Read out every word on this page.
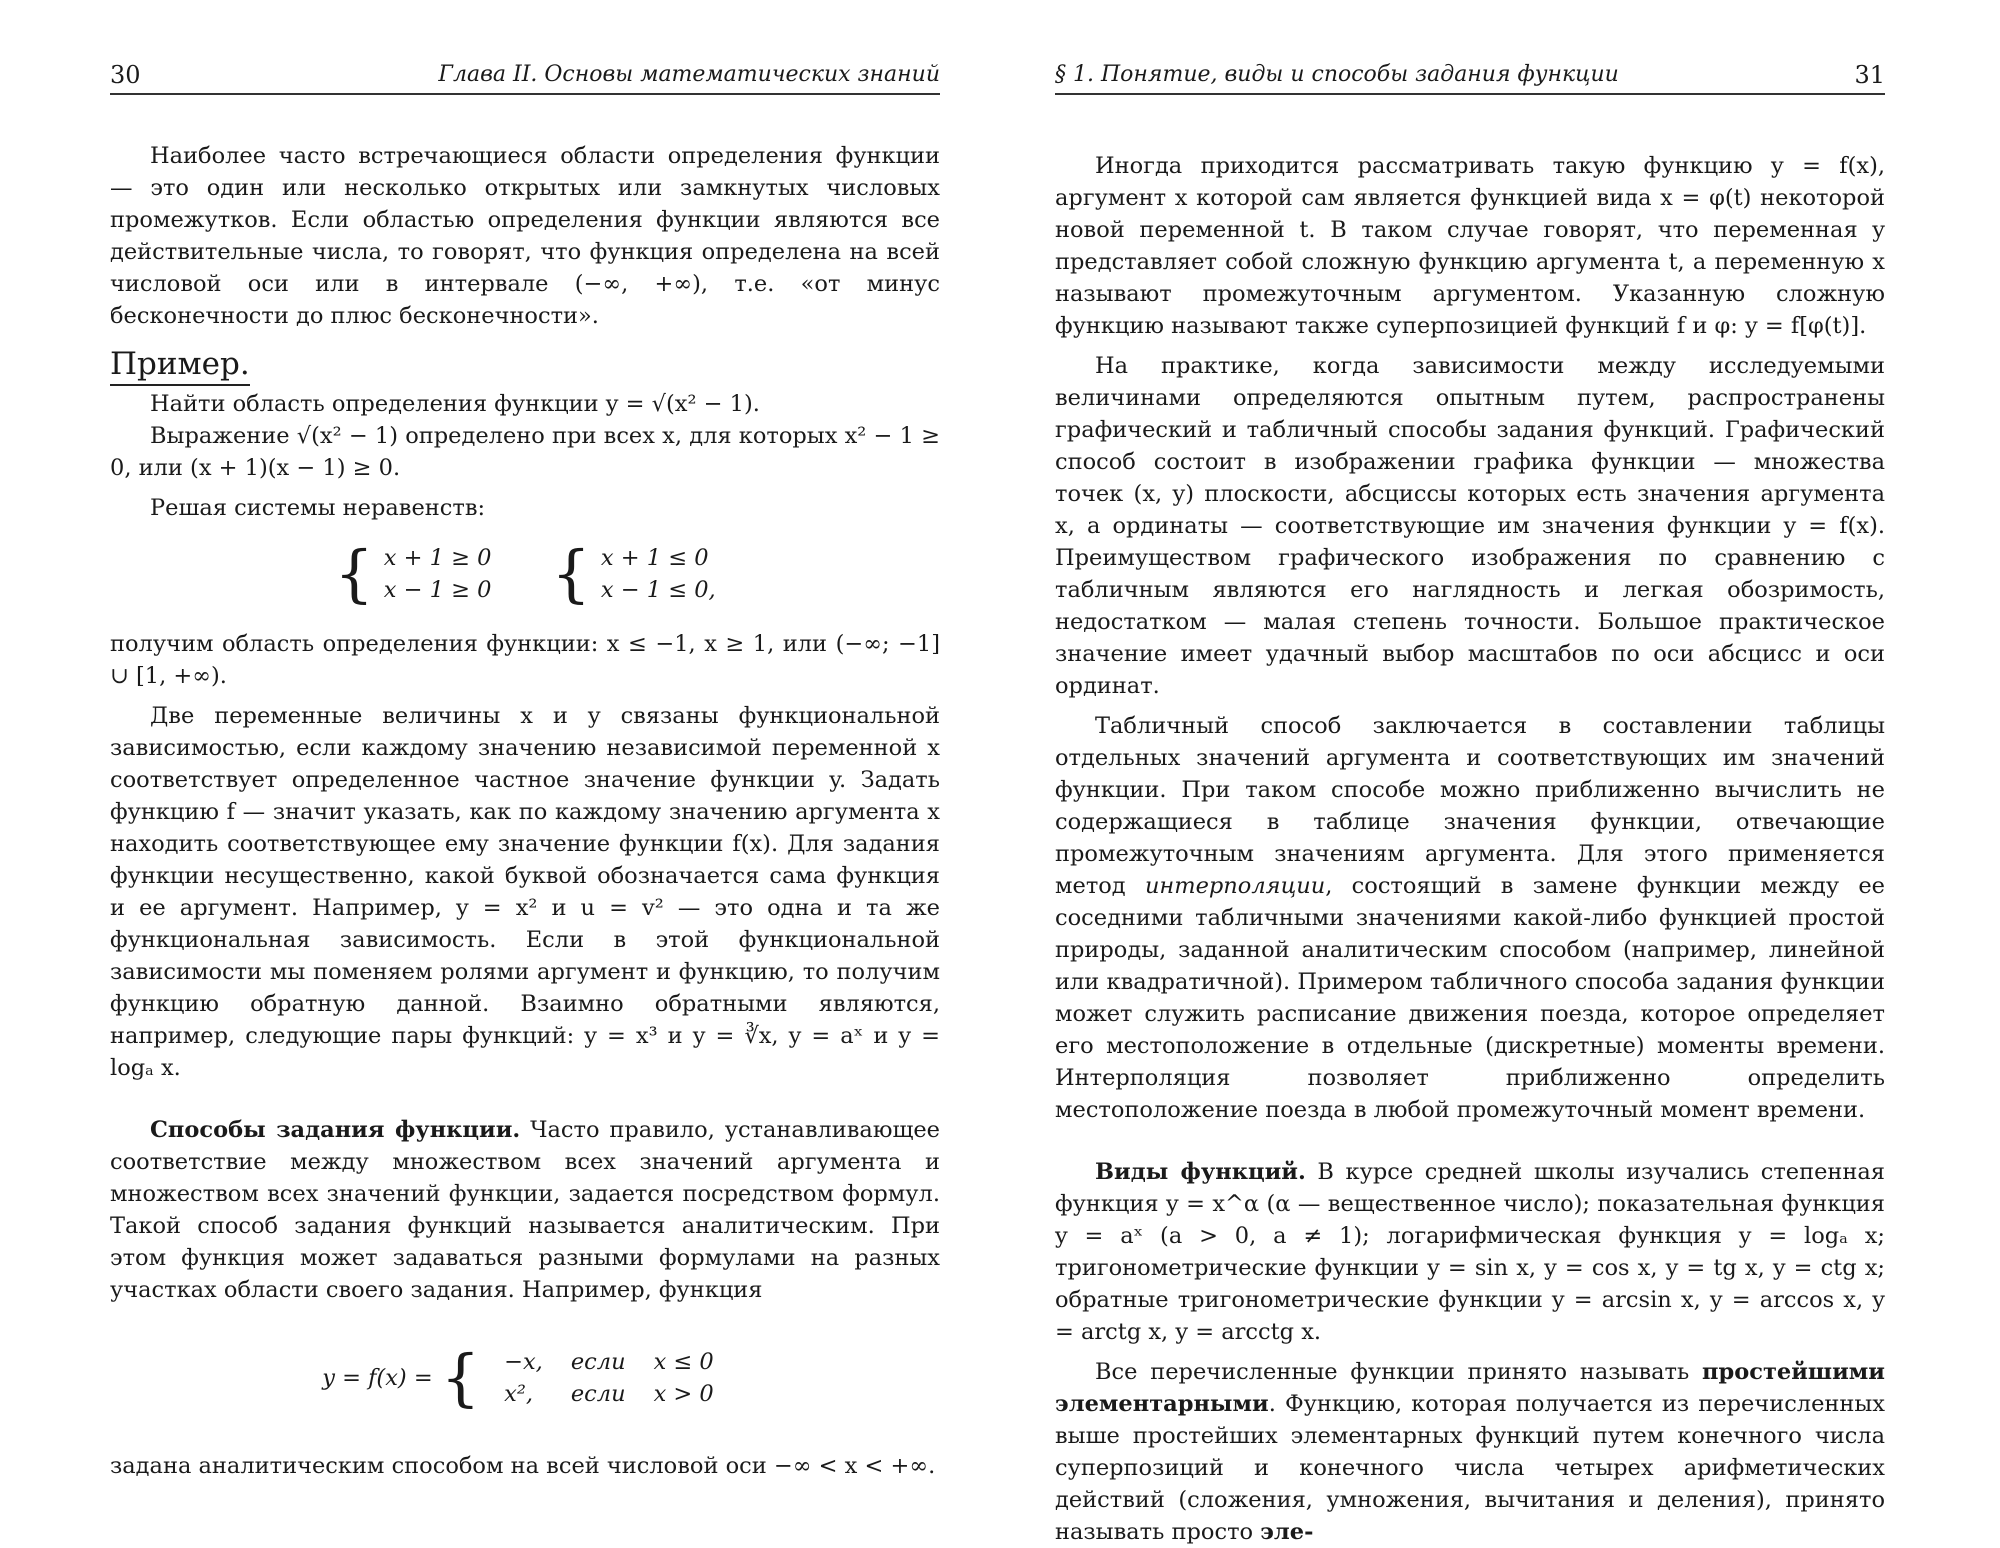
30	Глава II. Основы математических знаний

Наиболее часто встречающиеся области определения функции — это один или несколько открытых или замкнутых числовых промежутков. Если областью определения функции являются все действительные числа, то говорят, что функция определена на всей числовой оси или в интервале (−∞, +∞), т.е. «от минус бесконечности до плюс бесконечности».

Пример.

Найти область определения функции y = √(x² − 1).

Выражение √(x² − 1) определено при всех x, для которых x² − 1 ≥ 0, или (x + 1)(x − 1) ≥ 0.

Решая системы неравенств:

{ x + 1 ≥ 0
x − 1 ≥ 0 { x + 1 ≤ 0
x − 1 ≤ 0,

получим область определения функции: x ≤ −1, x ≥ 1, или (−∞; −1] ∪ [1, +∞).

Две переменные величины x и y связаны функциональной зависимостью, если каждому значению независимой переменной x соответствует определенное частное значение функции y. Задать функцию f — значит указать, как по каждому значению аргумента x находить соответствующее ему значение функции f(x). Для задания функции несущественно, какой буквой обозначается сама функция и ее аргумент. Например, y = x² и u = v² — это одна и та же функциональная зависимость. Если в этой функциональной зависимости мы поменяем ролями аргумент и функцию, то получим функцию обратную данной. Взаимно обратными являются, например, следующие пары функций: y = x³ и y = ∛x, y = aˣ и y = logₐ x.

Способы задания функции. Часто правило, устанавливающее соответствие между множеством всех значений аргумента и множеством всех значений функции, задается посредством формул. Такой способ задания функций называется аналитическим. При этом функция может задаваться разными формулами на разных участках области своего задания. Например, функция

y = f(x) = { −x,	если	x ≤ 0
x²,	если	x > 0

задана аналитическим способом на всей числовой оси −∞ < x < +∞.

§ 1. Понятие, виды и способы задания функции	31

Иногда приходится рассматривать такую функцию y = f(x), аргумент x которой сам является функцией вида x = φ(t) некоторой новой переменной t. В таком случае говорят, что переменная y представляет собой сложную функцию аргумента t, а переменную x называют промежуточным аргументом. Указанную сложную функцию называют также суперпозицией функций f и φ: y = f[φ(t)].

На практике, когда зависимости между исследуемыми величинами определяются опытным путем, распространены графический и табличный способы задания функций. Графический способ состоит в изображении графика функции — множества точек (x, y) плоскости, абсциссы которых есть значения аргумента x, а ординаты — соответствующие им значения функции y = f(x). Преимуществом графического изображения по сравнению с табличным являются его наглядность и легкая обозримость, недостатком — малая степень точности. Большое практическое значение имеет удачный выбор масштабов по оси абсцисс и оси ординат.

Табличный способ заключается в составлении таблицы отдельных значений аргумента и соответствующих им значений функции. При таком способе можно приближенно вычислить не содержащиеся в таблице значения функции, отвечающие промежуточным значениям аргумента. Для этого применяется метод интерполяции, состоящий в замене функции между ее соседними табличными значениями какой-либо функцией простой природы, заданной аналитическим способом (например, линейной или квадратичной). Примером табличного способа задания функции может служить расписание движения поезда, которое определяет его местоположение в отдельные (дискретные) моменты времени. Интерполяция позволяет приближенно определить местоположение поезда в любой промежуточный момент времени.

Виды функций. В курсе средней школы изучались степенная функция y = x^α (α — вещественное число); показательная функция y = aˣ (a > 0, a ≠ 1); логарифмическая функция y = logₐ x; тригонометрические функции y = sin x, y = cos x, y = tg x, y = ctg x; обратные тригонометрические функции y = arcsin x, y = arccos x, y = arctg x, y = arcctg x.

Все перечисленные функции принято называть простейшими элементарными. Функцию, которая получается из перечисленных выше простейших элементарных функций путем конечного числа суперпозиций и конечного числа четырех арифметических действий (сложения, умножения, вычитания и деления), принято называть просто эле-
